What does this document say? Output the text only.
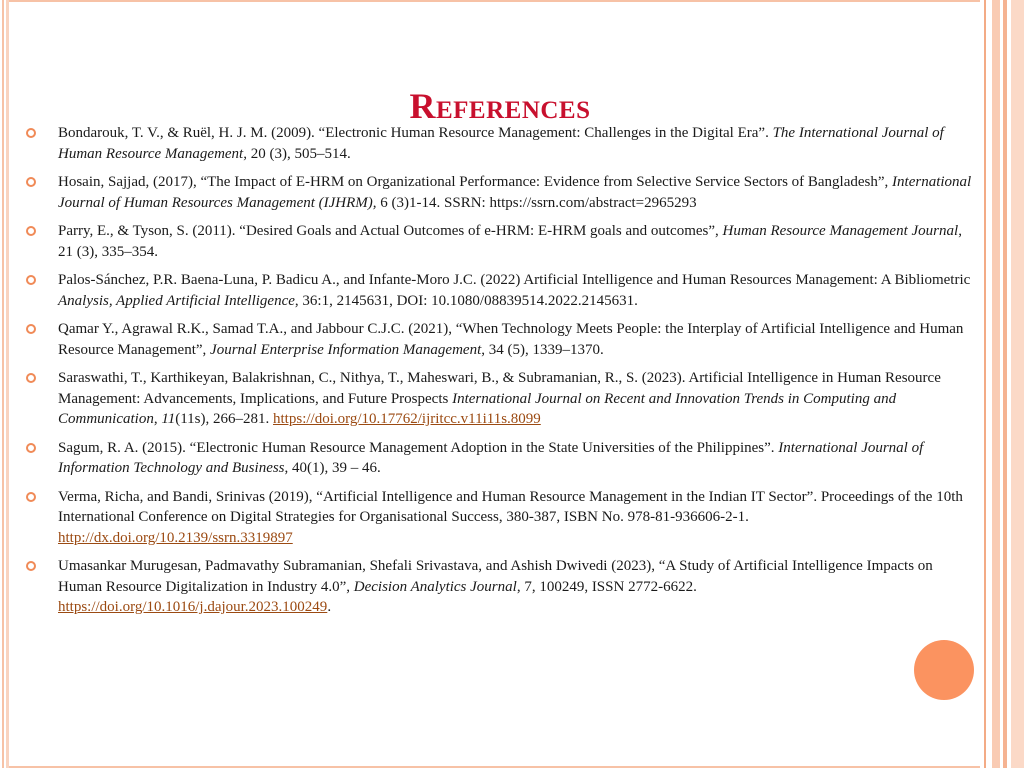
References
Bondarouk, T. V., & Ruël, H. J. M. (2009). “Electronic Human Resource Management: Challenges in the Digital Era”. The International Journal of Human Resource Management, 20 (3), 505–514.
Hosain, Sajjad, (2017), “The Impact of E-HRM on Organizational Performance: Evidence from Selective Service Sectors of Bangladesh”, International Journal of Human Resources Management (IJHRM), 6 (3)1-14. SSRN: https://ssrn.com/abstract=2965293
Parry, E., & Tyson, S. (2011). “Desired Goals and Actual Outcomes of e-HRM: E-HRM goals and outcomes”, Human Resource Management Journal, 21 (3), 335–354.
Palos-Sánchez, P.R. Baena-Luna, P. Badicu A., and Infante-Moro J.C. (2022) Artificial Intelligence and Human Resources Management: A Bibliometric Analysis, Applied Artificial Intelligence, 36:1, 2145631, DOI: 10.1080/08839514.2022.2145631.
Qamar Y., Agrawal R.K., Samad T.A., and Jabbour C.J.C. (2021), “When Technology Meets People: the Interplay of Artificial Intelligence and Human Resource Management”, Journal Enterprise Information Management, 34 (5), 1339–1370.
Saraswathi, T., Karthikeyan, Balakrishnan, C., Nithya, T., Maheswari, B., & Subramanian, R., S. (2023). Artificial Intelligence in Human Resource Management: Advancements, Implications, and Future Prospects International Journal on Recent and Innovation Trends in Computing and Communication, 11(11s), 266–281. https://doi.org/10.17762/ijritcc.v11i11s.8099
Sagum, R. A. (2015). “Electronic Human Resource Management Adoption in the State Universities of the Philippines”. International Journal of Information Technology and Business, 40(1), 39 – 46.
Verma, Richa, and Bandi, Srinivas (2019), “Artificial Intelligence and Human Resource Management in the Indian IT Sector”. Proceedings of the 10th International Conference on Digital Strategies for Organisational Success, 380-387, ISBN No. 978-81-936606-2-1. http://dx.doi.org/10.2139/ssrn.3319897
Umasankar Murugesan, Padmavathy Subramanian, Shefali Srivastava, and Ashish Dwivedi (2023), “A Study of Artificial Intelligence Impacts on Human Resource Digitalization in Industry 4.0”, Decision Analytics Journal, 7, 100249, ISSN 2772-6622. https://doi.org/10.1016/j.dajour.2023.100249.
